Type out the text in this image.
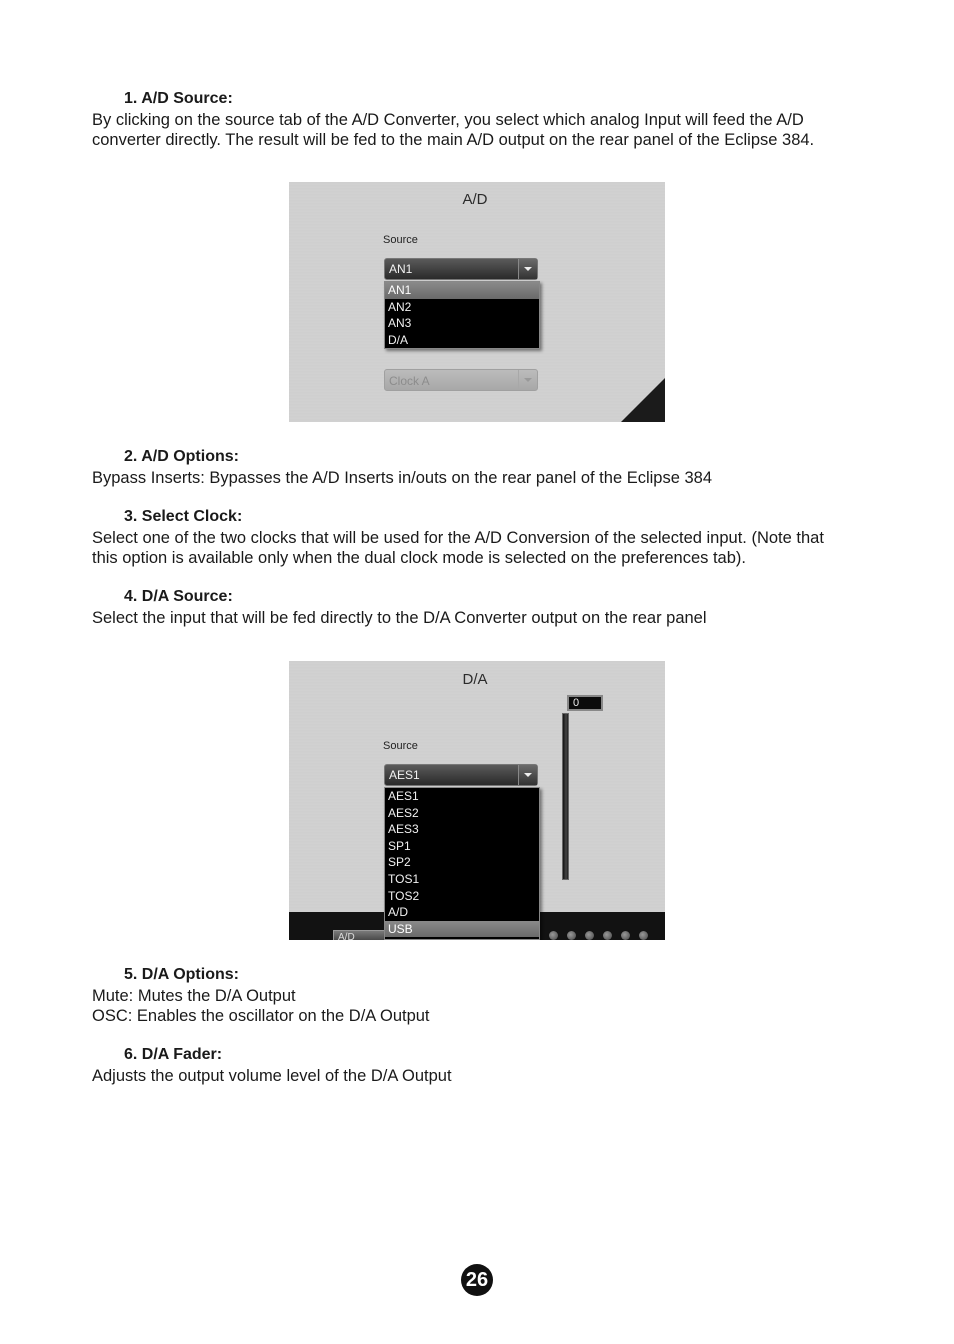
1. A/D Source:
By clicking on the source tab of the A/D Converter, you select which analog Input will feed the A/D
converter directly. The result will be fed to the main A/D output on the rear panel of the Eclipse 384.
A/D
Source
AN1
AN1
AN2
AN3
D/A
Clock A
2. A/D Options:
Bypass Inserts: Bypasses the A/D Inserts in/outs on the rear panel of the Eclipse 384
3. Select Clock:
Select one of the two clocks that will be used for the A/D Conversion of the selected input. (Note that
this option is available only when the dual clock mode is selected on the preferences tab).
4. D/A Source:
Select the input that will be fed directly to the D/A Converter output on the rear panel
D/A
0
Source
A/D
AES1
AES1
AES2
AES3
SP1
SP2
TOS1
TOS2
A/D
USB
5. D/A Options:
Mute: Mutes the D/A Output
OSC: Enables the oscillator on the D/A Output
6. D/A Fader:
Adjusts the output volume level of the D/A Output
26
